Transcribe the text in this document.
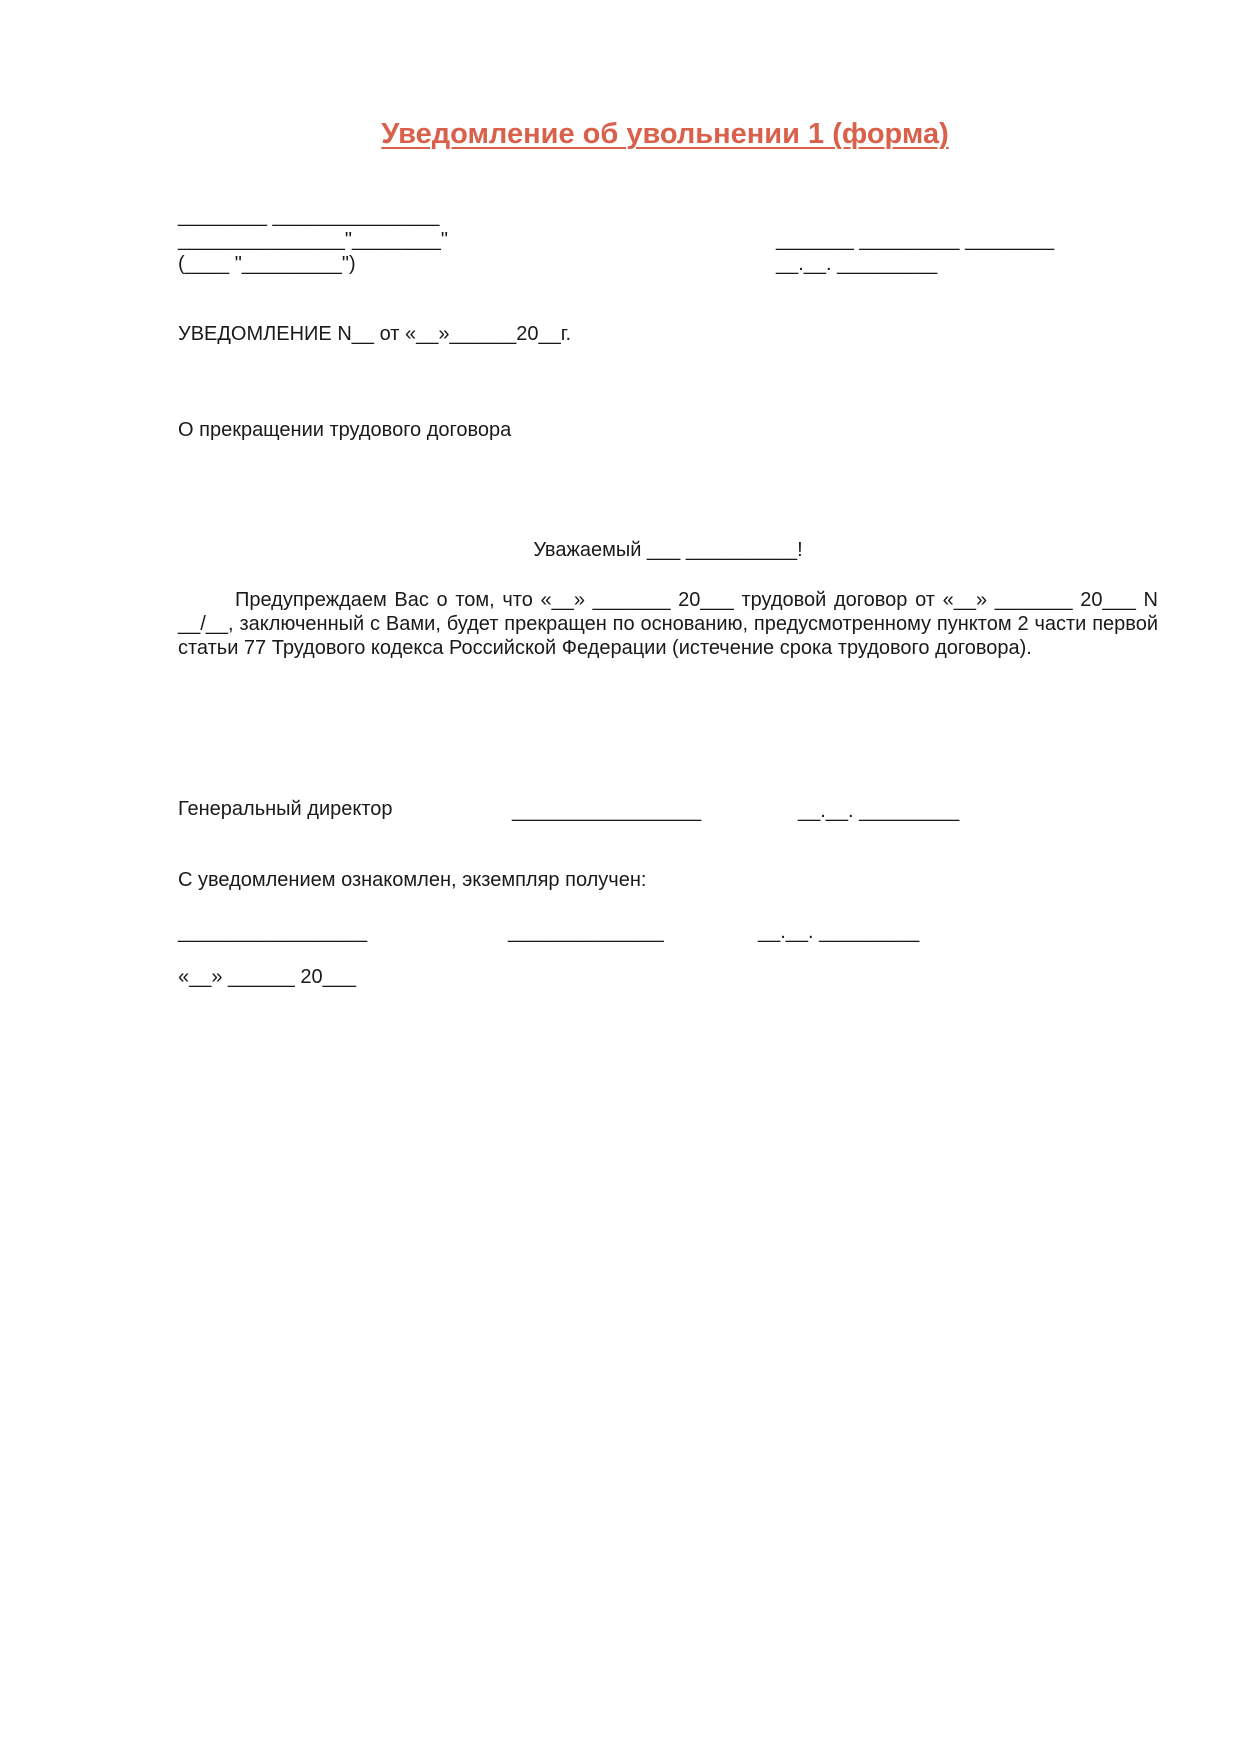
Уведомление об увольнении 1 (форма)
________ _______________
_______________"________"
(____ "_________")
_______ _________ ________
__.__. _________
УВЕДОМЛЕНИЕ N__ от «__»______20__г.
О прекращении трудового договора
Уважаемый ___ __________!
Предупреждаем Вас о том, что «__» _______ 20___ трудовой договор от «__» _______ 20___ N __/__, заключенный с Вами, будет прекращен по основанию, предусмотренному пунктом 2 части первой статьи 77 Трудового кодекса Российской Федерации (истечение срока трудового договора).
Генеральный директор	_________________	__.__. _________
С уведомлением ознакомлен, экземпляр получен:
_________________	______________	__.__. _________
«__» ______ 20___
